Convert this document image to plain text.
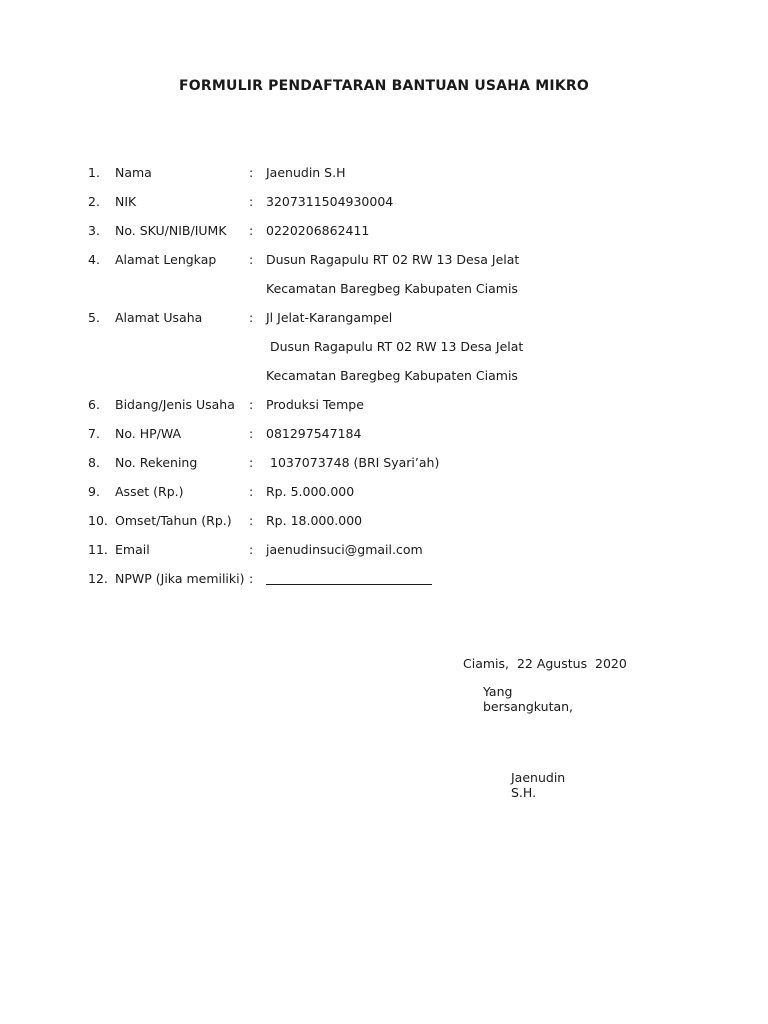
FORMULIR PENDAFTARAN BANTUAN USAHA MIKRO
1.	Nama	:	Jaenudin S.H
2.	NIK	:	3207311504930004
3.	No. SKU/NIB/IUMK	:	0220206862411
4.	Alamat Lengkap	:	Dusun Ragapulu RT 02 RW 13 Desa Jelat
Kecamatan Baregbeg Kabupaten Ciamis
5.	Alamat Usaha	:	Jl Jelat-Karangampel
Dusun Ragapulu RT 02 RW 13 Desa Jelat
Kecamatan Baregbeg Kabupaten Ciamis
6.	Bidang/Jenis Usaha	:	Produksi Tempe
7.	No. HP/WA	:	081297547184
8.	No. Rekening	:	1037073748 (BRI Syari’ah)
9.	Asset (Rp.)	:	Rp. 5.000.000
10. Omset/Tahun (Rp.)	:	Rp. 18.000.000
11. Email	:	jaenudinsuci@gmail.com
12. NPWP (Jika memiliki) :
Ciamis,  22 Agustus  2020
Yang bersangkutan,
Jaenudin S.H.
